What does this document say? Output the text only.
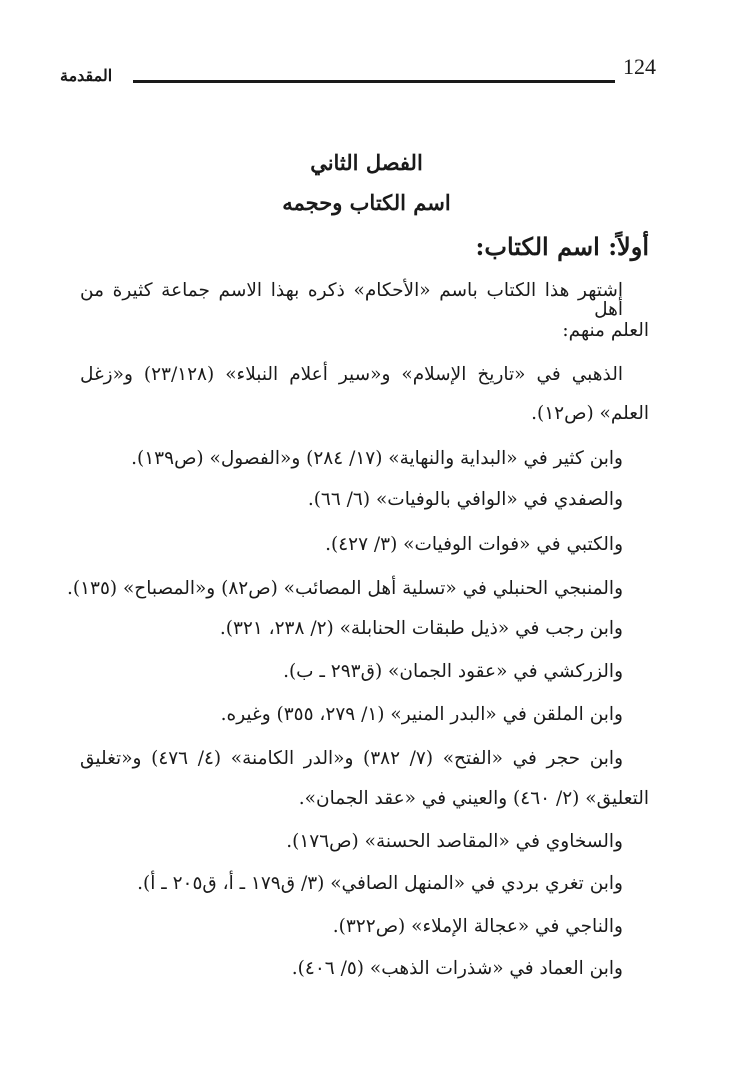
124
المقدمة
الفصل الثاني
اسم الكتاب وحجمه
أولاً: اسم الكتاب:
اشتهر هذا الكتاب باسم «الأحكام» ذكره بهذا الاسم جماعة كثيرة من أهل
العلم منهم:
الذهبي في «تاريخ الإسلام» و«سير أعلام النبلاء» (٢٣/١٢٨) و«زغل
العلم» (ص١٢).
وابن كثير في «البداية والنهاية» (١٧/ ٢٨٤) و«الفصول» (ص١٣٩).
والصفدي في «الوافي بالوفيات» (٦/ ٦٦).
والكتبي في «فوات الوفيات» (٣/ ٤٢٧).
والمنبجي الحنبلي في «تسلية أهل المصائب» (ص٨٢) و«المصباح» (١٣٥).
وابن رجب في «ذيل طبقات الحنابلة» (٢/ ٢٣٨، ٣٢١).
والزركشي في «عقود الجمان» (ق٢٩٣ ـ ب).
وابن الملقن في «البدر المنير» (١/ ٢٧٩، ٣٥٥) وغيره.
وابن حجر في «الفتح» (٧/ ٣٨٢) و«الدر الكامنة» (٤/ ٤٧٦) و«تغليق
التعليق» (٢/ ٤٦٠) والعيني في «عقد الجمان».
والسخاوي في «المقاصد الحسنة» (ص١٧٦).
وابن تغري بردي في «المنهل الصافي» (٣/ ق١٧٩ ـ أ، ق٢٠٥ ـ أ).
والناجي في «عجالة الإملاء» (ص٣٢٢).
وابن العماد في «شذرات الذهب» (٥/ ٤٠٦).
